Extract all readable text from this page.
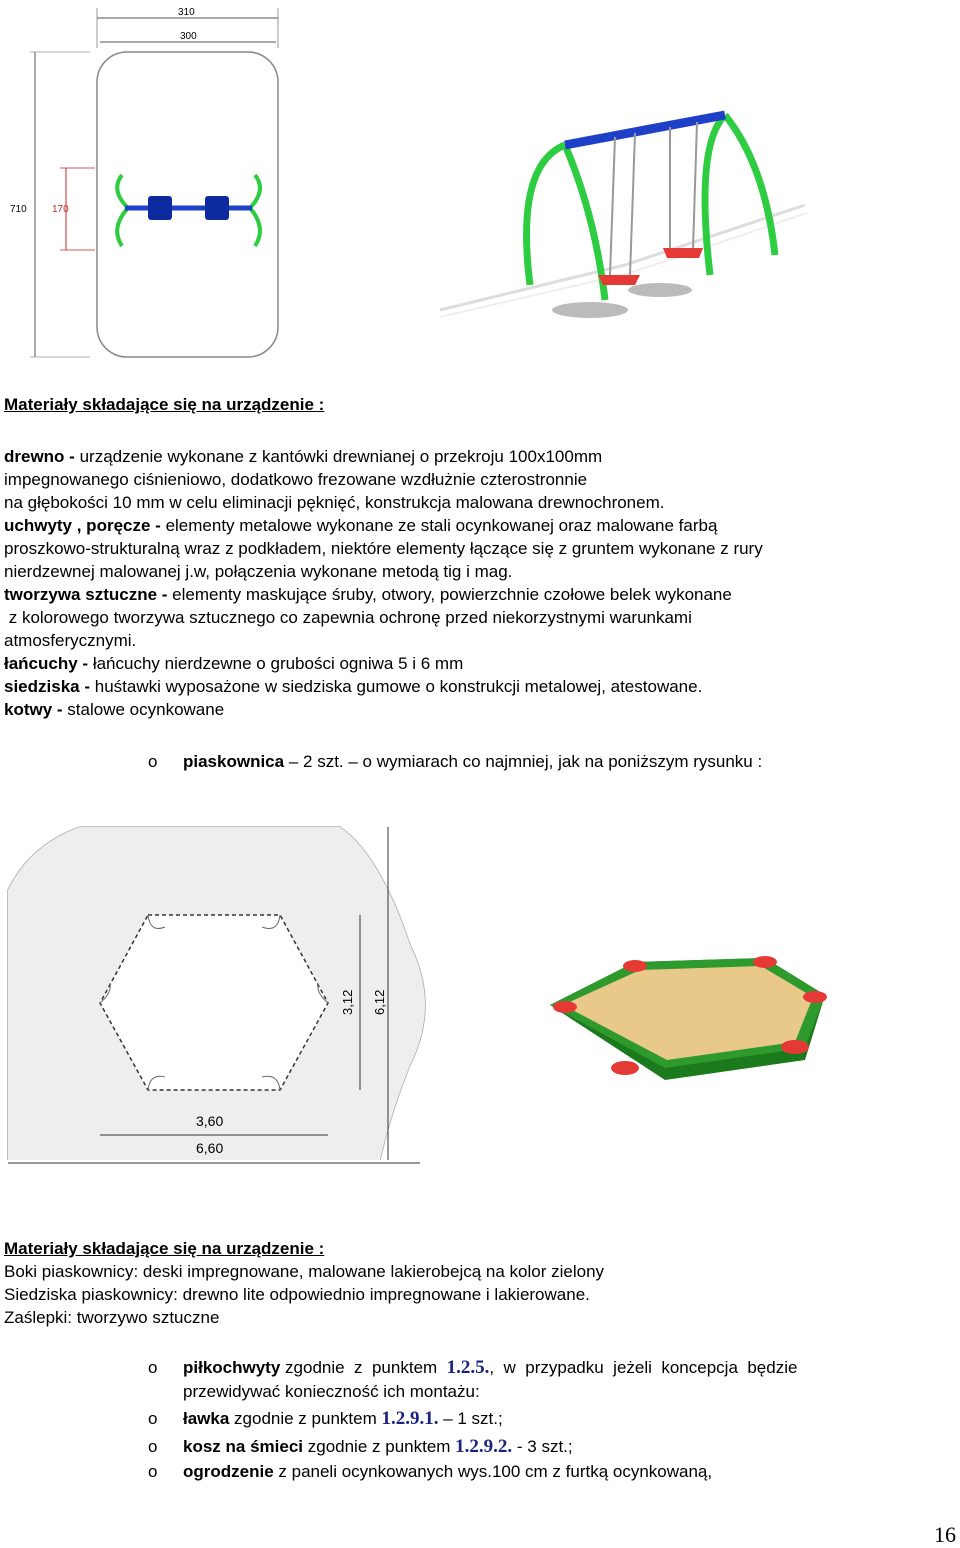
310
300
710	170
Materiały składające się na urządzenie :
drewno - urządzenie wykonane z kantówki drewnianej o przekroju 100x100mm
impegnowanego ciśnieniowo, dodatkowo frezowane wzdłużnie czterostronnie
na głębokości 10 mm w celu eliminacji pęknięć, konstrukcja malowana drewnochronem.
uchwyty , poręcze - elementy metalowe wykonane ze stali ocynkowanej oraz malowane farbą
proszkowo-strukturalną wraz z podkładem, niektóre elementy łączące się z gruntem wykonane z rury
nierdzewnej malowanej j.w, połączenia wykonane metodą tig i mag.
tworzywa sztuczne - elementy maskujące śruby, otwory, powierzchnie czołowe belek wykonane
z kolorowego tworzywa sztucznego co zapewnia ochronę przed niekorzystnymi warunkami
atmosferycznymi.
łańcuchy - łańcuchy nierdzewne o grubości ogniwa 5 i 6 mm
siedziska - huśtawki wyposażone w siedziska gumowe o konstrukcji metalowej, atestowane.
kotwy - stalowe ocynkowane
o piaskownica – 2 szt. – o wymiarach co najmniej, jak na poniższym rysunku :
3,12 6,12
3,60
6,60
Materiały składające się na urządzenie :
Boki piaskownicy: deski impregnowane, malowane lakierobejcą na kolor zielony
Siedziska piaskownicy: drewno lite odpowiednio impregnowane i lakierowane.
Zaślepki: tworzywo sztuczne
o piłkochwyty zgodnie  z  punktem  1.2.5.,  w  przypadku  jeżeli  koncepcja  będzie
przewidywać konieczność ich montażu:
o ławka zgodnie z punktem 1.2.9.1. – 1 szt.;
o kosz na śmieci zgodnie z punktem 1.2.9.2. - 3 szt.;
o ogrodzenie z paneli ocynkowanych wys.100 cm z furtką ocynkowaną,
16
